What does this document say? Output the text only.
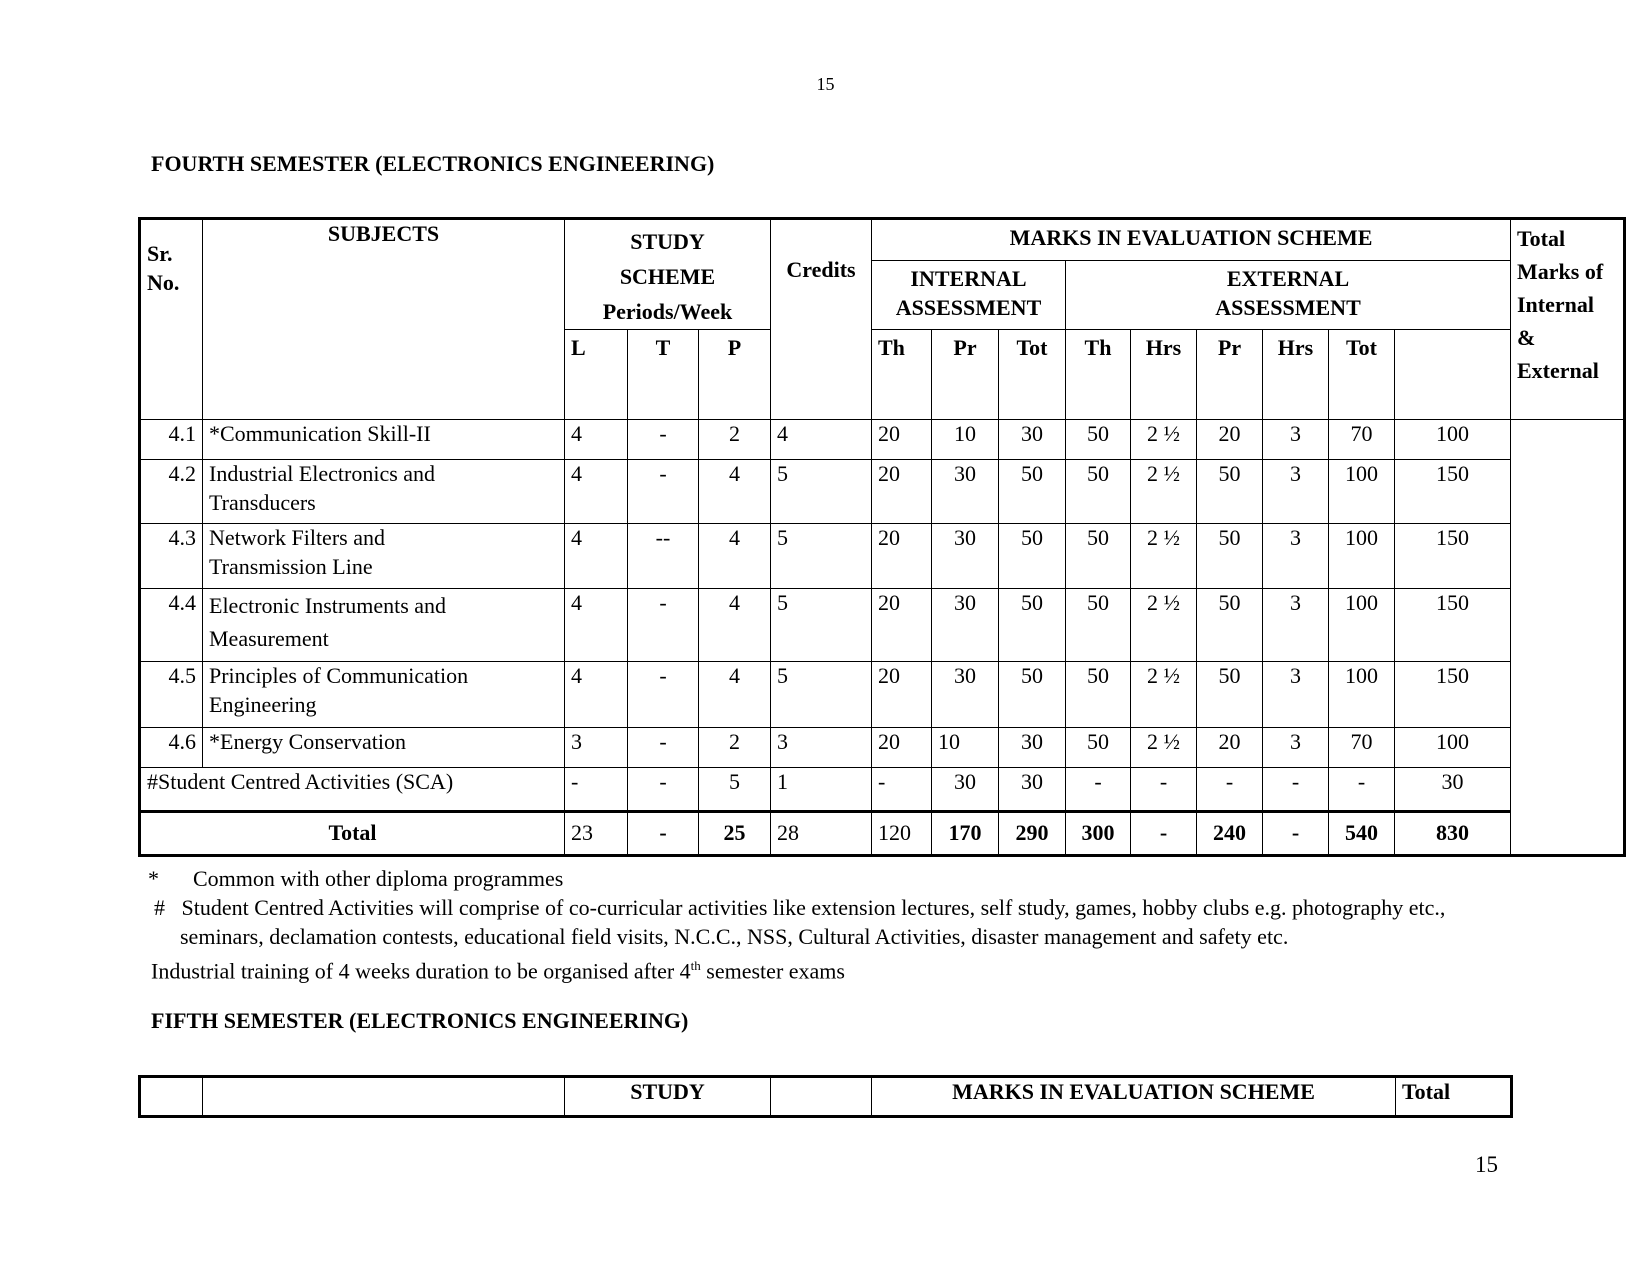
15
FOURTH SEMESTER (ELECTRONICS ENGINEERING)
Sr. No.	SUBJECTS	STUDY SCHEME Periods/Week			Credits	MARKS IN EVALUATION SCHEME									Total Marks of Internal & External

						INTERNAL ASSESSMENT			EXTERNAL ASSESSMENT						

		L	T	P		Th	Pr	Tot	Th	Hrs	Pr	Hrs	Tot		
4.1	*Communication Skill-II	4	-	2	4	20	10	30	50	2 ½	20	3	70	100	
4.2	Industrial Electronics and Transducers	4	-	4	5	20	30	50	50	2 ½	50	3	100	150	
4.3	Network Filters and Transmission Line	4	--	4	5	20	30	50	50	2 ½	50	3	100	150	
4.4	Electronic Instruments and Measurement	4	-	4	5	20	30	50	50	2 ½	50	3	100	150	
4.5	Principles of Communication Engineering	4	-	4	5	20	30	50	50	2 ½	50	3	100	150	
4.6	*Energy Conservation	3	-	2	3	20	10	30	50	2 ½	20	3	70	100	
#Student Centred Activities (SCA)		-	-	5	1	-	30	30	-	-	-	-	-	30	
Total		23	-	25	28	120	170	290	300	-	240	-	540	830	

* Common with other diploma programmes

# Student Centred Activities will comprise of co-curricular activities like extension lectures, self study, games, hobby clubs e.g. photography etc., seminars, declamation contests, educational field visits, N.C.C., NSS, Cultural Activities, disaster management and safety etc.

Industrial training of 4 weeks duration to be organised after 4th semester exams

FIFTH SEMESTER (ELECTRONICS ENGINEERING)
		STUDY		MARKS IN EVALUATION SCHEME	Total
15
